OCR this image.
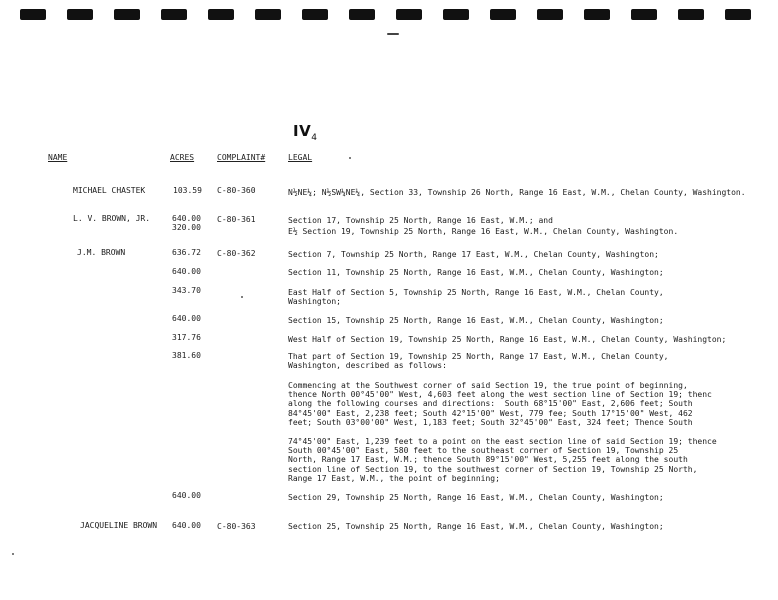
$IV_4$
NAME	ACRES	COMPLAINT#	LEGAL
MICHAEL CHASTEK	103.59 C-80-360	N½NE¼; N½SW¼NE¼, Section 33, Township 26 North, Range 16 East, W.M., Chelan County, Washington.
L. V. BROWN, JR.	640.00 C-80-361	Section 17, Township 25 North, Range 16 East, W.M.; and
320.00	E½ Section 19, Township 25 North, Range 16 East, W.M., Chelan County, Washington.
J.M. BROWN	636.72 C-80-362	Section 7, Township 25 North, Range 17 East, W.M., Chelan County, Washington;
640.00	Section 11, Township 25 North, Range 16 East, W.M., Chelan County, Washington;
343.70	East Half of Section 5, Township 25 North, Range 16 East, W.M., Chelan County,
Washington;
640.00	Section 15, Township 25 North, Range 16 East, W.M., Chelan County, Washington;
317.76	West Half of Section 19, Township 25 North, Range 16 East, W.M., Chelan County, Washington;
381.60	That part of Section 19, Township 25 North, Range 17 East, W.M., Chelan County,
Washington, described as follows:
Commencing at the Southwest corner of said Section 19, the true point of beginning,
thence North 00°45'00" West, 4,603 feet along the west section line of Section 19; thenc
along the following courses and directions:  South 68°15'00" East, 2,606 feet; South
84°45'00" East, 2,238 feet; South 42°15'00" West, 779 fee; South 17°15'00" West, 462
feet; South 03°00'00" West, 1,183 feet; South 32°45'00" East, 324 feet; Thence South
74°45'00" East, 1,239 feet to a point on the east section line of said Section 19; thence
South 00°45'00" East, 580 feet to the southeast corner of Section 19, Township 25
North, Range 17 East, W.M.; thence South 89°15'00" West, 5,255 feet along the south
section line of Section 19, to the southwest corner of Section 19, Township 25 North,
Range 17 East, W.M., the point of beginning;
640.00	Section 29, Township 25 North, Range 16 East, W.M., Chelan County, Washington;
JACQUELINE BROWN 640.00 C-80-363	Section 25, Township 25 North, Range 16 East, W.M., Chelan County, Washington;
